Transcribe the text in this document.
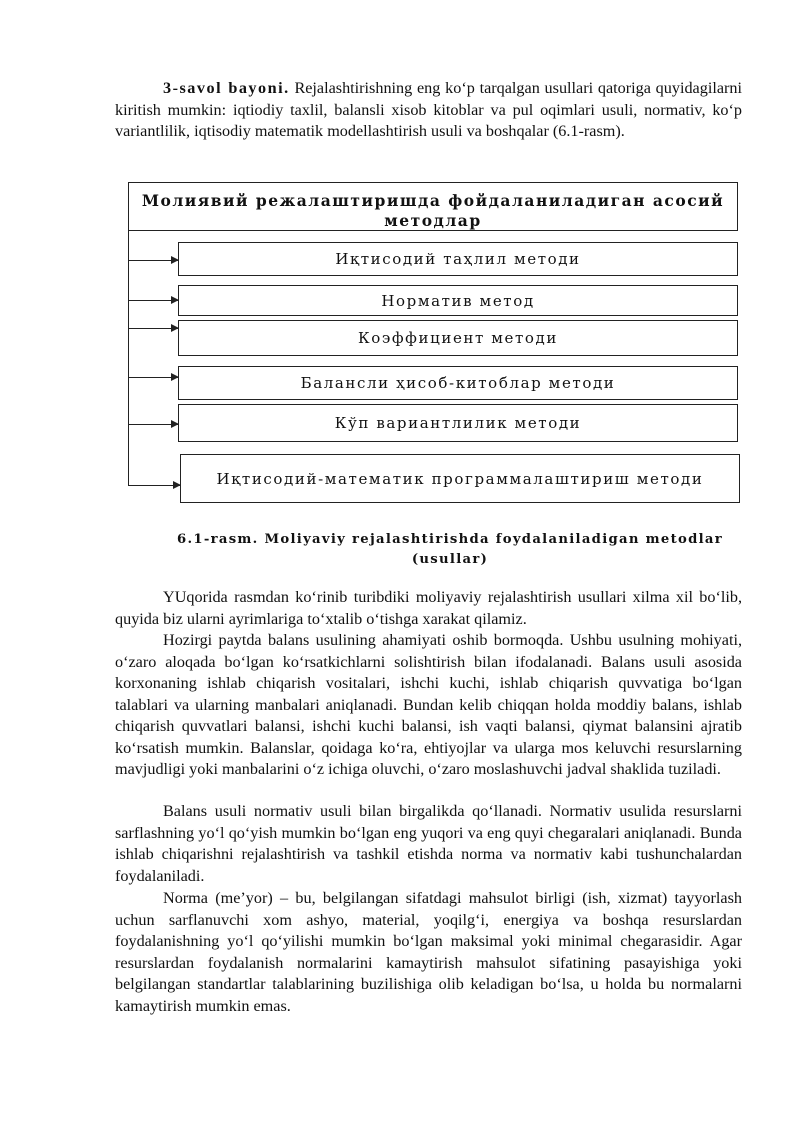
3-savol bayoni. Rejalashtirishning eng ko‘p tarqalgan usullari qatoriga quyidagilarni kiritish mumkin: iqtiodiy taxlil, balansli xisob kitoblar va pul oqimlari usuli, normativ, ko‘p variantlilik, iqtisodiy matematik modellashtirish usuli va boshqalar (6.1-rasm).

Молиявий режалаштиришда фойдаланиладиган асосий методлар
Иқтисодий таҳлил методи
Норматив метод
Коэффициент методи
Балансли ҳисоб-китоблар методи
Кўп вариантлилик методи
Иқтисодий-математик программалаштириш методи

6.1-rasm. Moliyaviy rejalashtirishda foydalaniladigan metodlar (usullar)

YUqorida rasmdan ko‘rinib turibdiki moliyaviy rejalashtirish usullari xilma xil bo‘lib, quyida biz ularni ayrimlariga to‘xtalib o‘tishga xarakat qilamiz.

Hozirgi paytda balans usulining ahamiyati oshib bormoqda. Ushbu usulning mohiyati, o‘zaro aloqada bo‘lgan ko‘rsatkichlarni solishtirish bilan ifodalanadi. Balans usuli asosida korxonaning ishlab chiqarish vositalari, ishchi kuchi, ishlab chiqarish quvvatiga bo‘lgan talablari va ularning manbalari aniqlanadi. Bundan kelib chiqqan holda moddiy balans, ishlab chiqarish quvvatlari balansi, ishchi kuchi balansi, ish vaqti balansi, qiymat balansini ajratib ko‘rsatish mumkin. Balanslar, qoidaga ko‘ra, ehtiyojlar va ularga mos keluvchi resurslarning mavjudligi yoki manbalarini o‘z ichiga oluvchi, o‘zaro moslashuvchi jadval shaklida tuziladi.

Balans usuli normativ usuli bilan birgalikda qo‘llanadi. Normativ usulida resurslarni sarflashning yo‘l qo‘yish mumkin bo‘lgan eng yuqori va eng quyi chegaralari aniqlanadi. Bunda ishlab chiqarishni rejalashtirish va tashkil etishda norma va normativ kabi tushunchalardan foydalaniladi.

Norma (me’yor) – bu, belgilangan sifatdagi mahsulot birligi (ish, xizmat) tayyorlash uchun sarflanuvchi xom ashyo, material, yoqilg‘i, energiya va boshqa resurslardan foydalanishning yo‘l qo‘yilishi mumkin bo‘lgan maksimal yoki minimal chegarasidir. Agar resurslardan foydalanish normalarini kamaytirish mahsulot sifatining pasayishiga yoki belgilangan standartlar talablarining buzilishiga olib keladigan bo‘lsa, u holda bu normalarni kamaytirish mumkin emas.
